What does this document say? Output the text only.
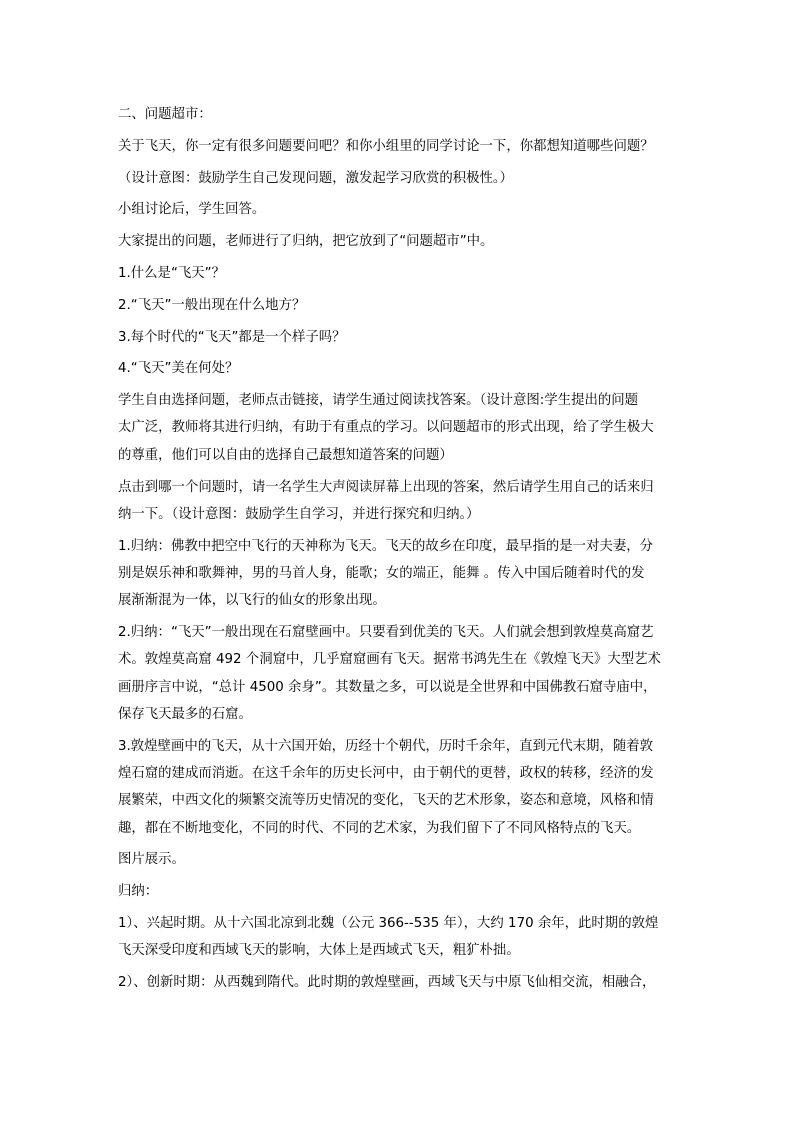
二、问题超市：

关于飞天，你一定有很多问题要问吧？和你小组里的同学讨论一下，你都想知道哪些问题？

（设计意图：鼓励学生自己发现问题，激发起学习欣赏的积极性。）

小组讨论后，学生回答。

大家提出的问题，老师进行了归纳，把它放到了“问题超市”中。

1.什么是“飞天”？

2.“飞天”一般出现在什么地方？

3.每个时代的“飞天”都是一个样子吗？

4.“飞天”美在何处？

学生自由选择问题，老师点击链接，请学生通过阅读找答案。（设计意图:学生提出的问题

太广泛，教师将其进行归纳，有助于有重点的学习。以问题超市的形式出现，给了学生极大

的尊重，他们可以自由的选择自己最想知道答案的问题）

点击到哪一个问题时，请一名学生大声阅读屏幕上出现的答案，然后请学生用自己的话来归

纳一下。（设计意图：鼓励学生自学习，并进行探究和归纳。）

1.归纳：佛教中把空中飞行的天神称为飞天。飞天的故乡在印度，最早指的是一对夫妻，分

别是娱乐神和歌舞神，男的马首人身，能歌；女的端正，能舞 。传入中国后随着时代的发

展渐渐混为一体，以飞行的仙女的形象出现。

2.归纳：“飞天”一般出现在石窟壁画中。只要看到优美的飞天。人们就会想到敦煌莫高窟艺

术。敦煌莫高窟 492 个洞窟中，几乎窟窟画有飞天。据常书鸿先生在《敦煌飞天》大型艺术

画册序言中说，“总计 4500 余身”。其数量之多，可以说是全世界和中国佛教石窟寺庙中，

保存飞天最多的石窟。

3.敦煌壁画中的飞天，从十六国开始，历经十个朝代，历时千余年，直到元代末期，随着敦

煌石窟的建成而消逝。在这千余年的历史长河中，由于朝代的更替，政权的转移，经济的发

展繁荣，中西文化的频繁交流等历史情况的变化，飞天的艺术形象，姿态和意境，风格和情

趣，都在不断地变化，不同的时代、不同的艺术家，为我们留下了不同风格特点的飞天。

图片展示。

归纳：

1）、兴起时期。从十六国北凉到北魏（公元 366--535 年），大约 170 余年，此时期的敦煌

飞天深受印度和西域飞天的影响，大体上是西域式飞天，粗犷朴拙。

2）、创新时期：从西魏到隋代。此时期的敦煌壁画，西域飞天与中原飞仙相交流，相融合，
